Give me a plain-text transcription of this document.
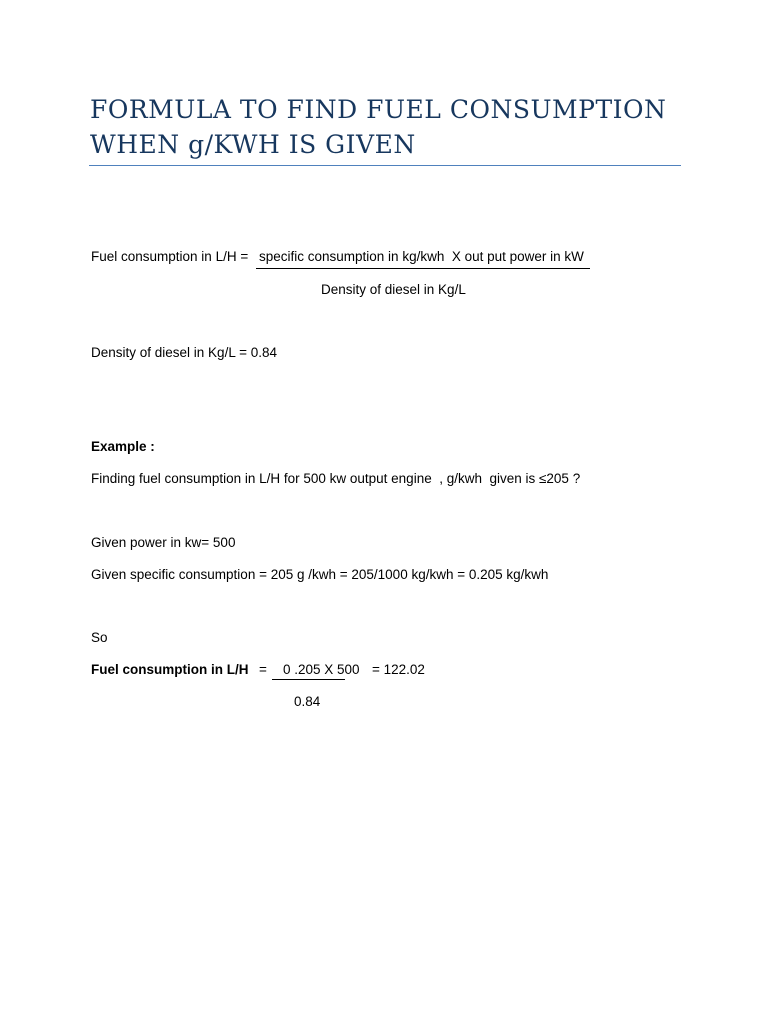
FORMULA TO FIND FUEL CONSUMPTION WHEN g/KWH IS GIVEN
Fuel consumption in L/H = specific consumption in kg/kwh  X out put power in kW
Density of diesel in Kg/L
Density of diesel in Kg/L = 0.84
Example :
Finding fuel consumption in L/H for 500 kw output engine  , g/kwh  given is ≤205 ?
Given power in kw= 500
Given specific consumption = 205 g /kwh = 205/1000 kg/kwh = 0.205 kg/kwh
So
Fuel consumption in L/H = 0 .205 X 500 = 122.02
0.84
